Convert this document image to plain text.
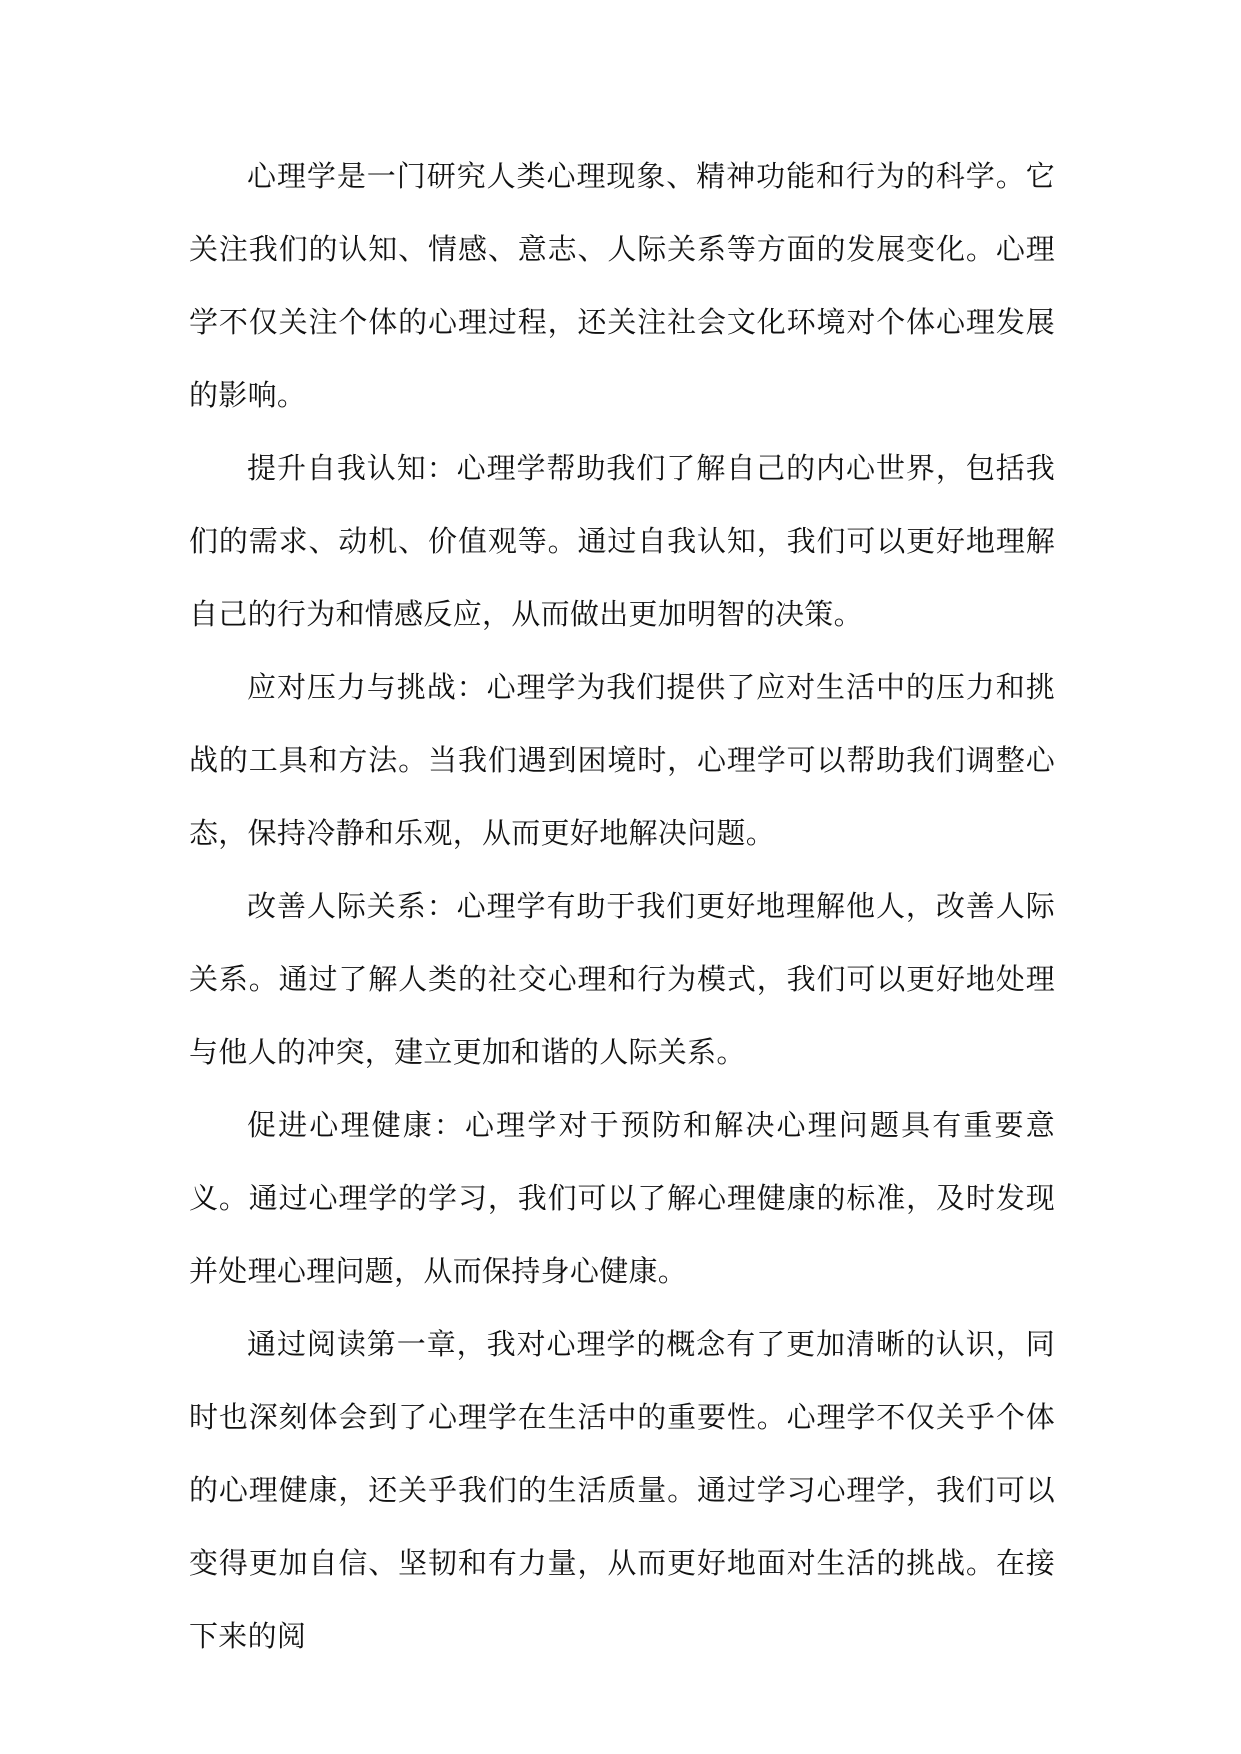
心理学是一门研究人类心理现象、精神功能和行为的科学。它关注我们的认知、情感、意志、人际关系等方面的发展变化。心理学不仅关注个体的心理过程，还关注社会文化环境对个体心理发展的影响。

提升自我认知：心理学帮助我们了解自己的内心世界，包括我们的需求、动机、价值观等。通过自我认知，我们可以更好地理解自己的行为和情感反应，从而做出更加明智的决策。

应对压力与挑战：心理学为我们提供了应对生活中的压力和挑战的工具和方法。当我们遇到困境时，心理学可以帮助我们调整心态，保持冷静和乐观，从而更好地解决问题。

改善人际关系：心理学有助于我们更好地理解他人，改善人际关系。通过了解人类的社交心理和行为模式，我们可以更好地处理与他人的冲突，建立更加和谐的人际关系。

促进心理健康：心理学对于预防和解决心理问题具有重要意义。通过心理学的学习，我们可以了解心理健康的标准，及时发现并处理心理问题，从而保持身心健康。

通过阅读第一章，我对心理学的概念有了更加清晰的认识，同时也深刻体会到了心理学在生活中的重要性。心理学不仅关乎个体的心理健康，还关乎我们的生活质量。通过学习心理学，我们可以变得更加自信、坚韧和有力量，从而更好地面对生活的挑战。在接下来的阅
